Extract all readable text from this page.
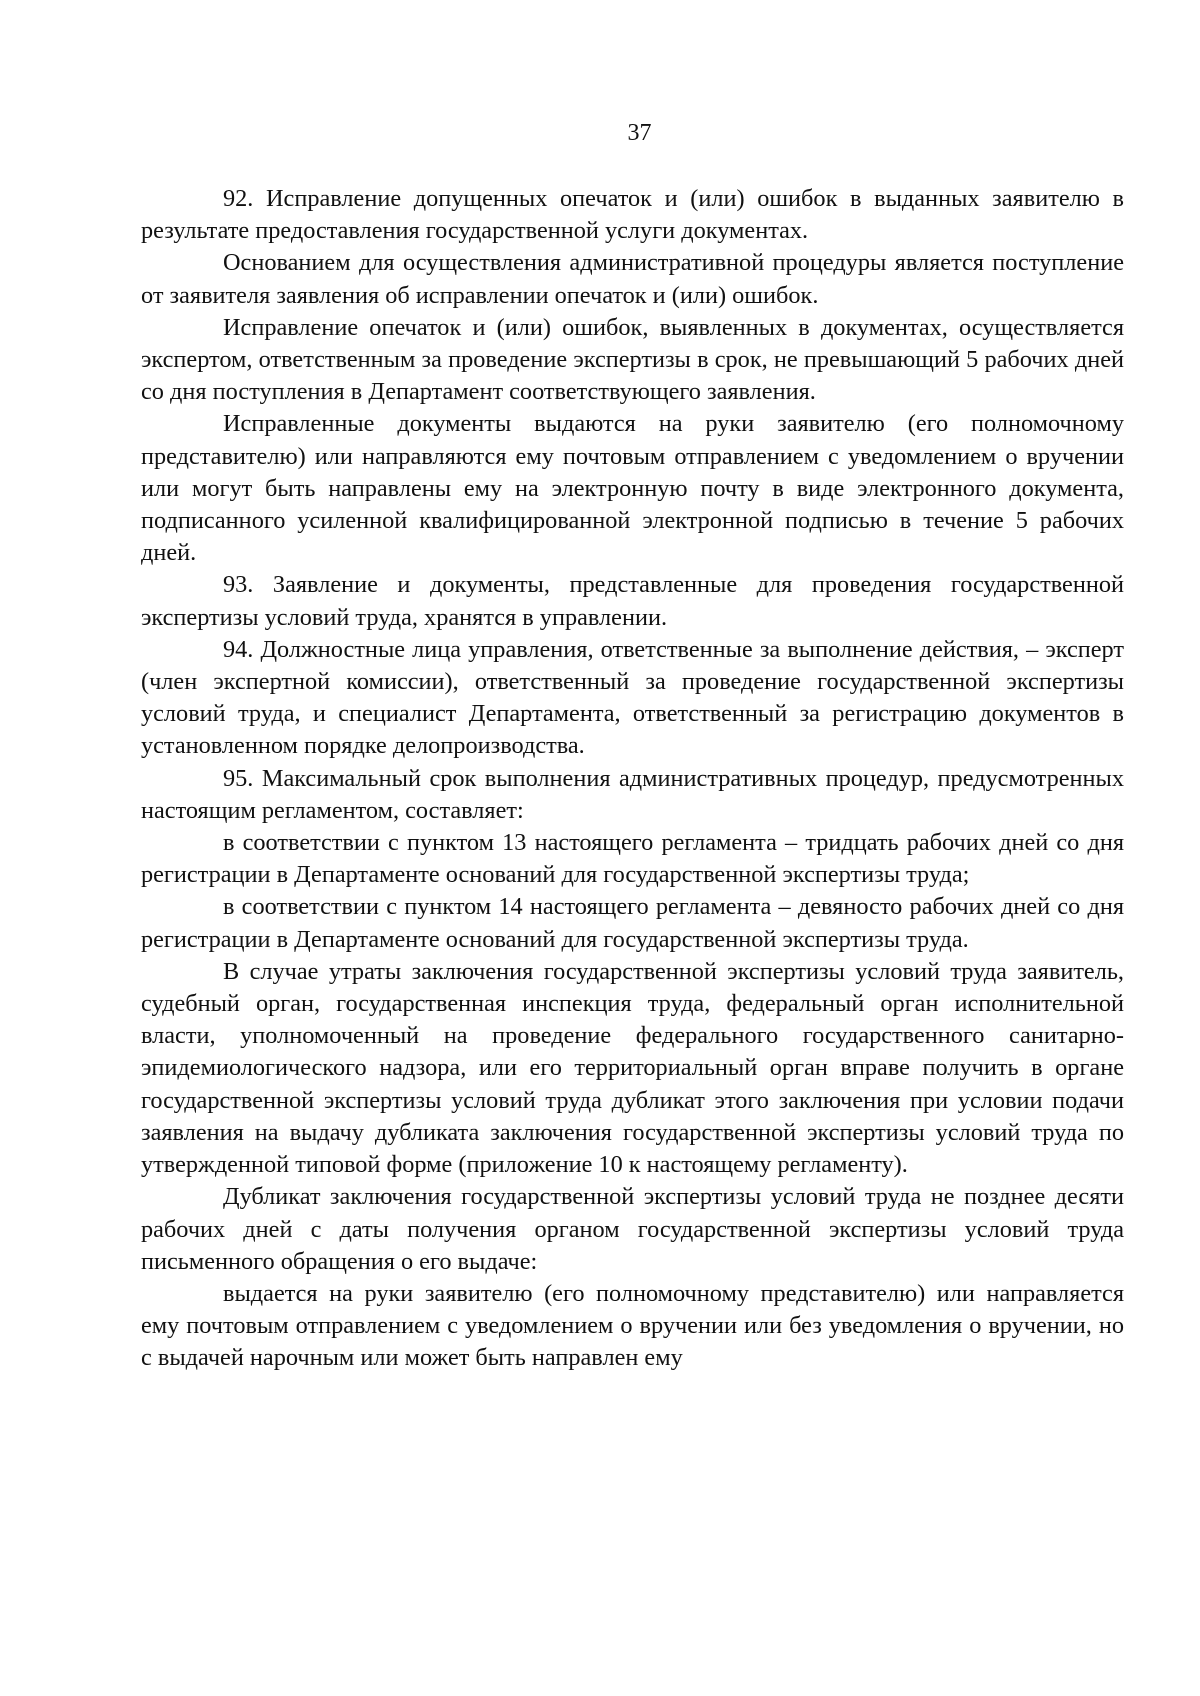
37

92. Исправление допущенных опечаток и (или) ошибок в выданных заявителю в результате предоставления государственной услуги документах.

Основанием для осуществления административной процедуры является поступление от заявителя заявления об исправлении опечаток и (или) ошибок.

Исправление опечаток и (или) ошибок, выявленных в документах, осуществляется экспертом, ответственным за проведение экспертизы в срок, не превышающий 5 рабочих дней со дня поступления в Департамент соответствующего заявления.

Исправленные документы выдаются на руки заявителю (его полномочному представителю) или направляются ему почтовым отправлением с уведомлением о вручении или могут быть направлены ему на электронную почту в виде электронного документа, подписанного усиленной квалифицированной электронной подписью в течение 5 рабочих дней.

93. Заявление и документы, представленные для проведения государственной экспертизы условий труда, хранятся в управлении.

94. Должностные лица управления, ответственные за выполнение действия, – эксперт (член экспертной комиссии), ответственный за проведение государственной экспертизы условий труда, и специалист Департамента, ответственный за регистрацию документов в установленном порядке делопроизводства.

95. Максимальный срок выполнения административных процедур, предусмотренных настоящим регламентом, составляет:

в соответствии с пунктом 13 настоящего регламента – тридцать рабочих дней со дня регистрации в Департаменте оснований для государственной экспертизы труда;

в соответствии с пунктом 14 настоящего регламента – девяносто рабочих дней со дня регистрации в Департаменте оснований для государственной экспертизы труда.

В случае утраты заключения государственной экспертизы условий труда заявитель, судебный орган, государственная инспекция труда, федеральный орган исполнительной власти, уполномоченный на проведение федерального государственного санитарно-эпидемиологического надзора, или его территориальный орган вправе получить в органе государственной экспертизы условий труда дубликат этого заключения при условии подачи заявления на выдачу дубликата заключения государственной экспертизы условий труда по утвержденной типовой форме (приложение 10 к настоящему регламенту).

Дубликат заключения государственной экспертизы условий труда не позднее десяти рабочих дней с даты получения органом государственной экспертизы условий труда письменного обращения о его выдаче:

выдается на руки заявителю (его полномочному представителю) или направляется ему почтовым отправлением с уведомлением о вручении или без уведомления о вручении, но с выдачей нарочным или может быть направлен ему
